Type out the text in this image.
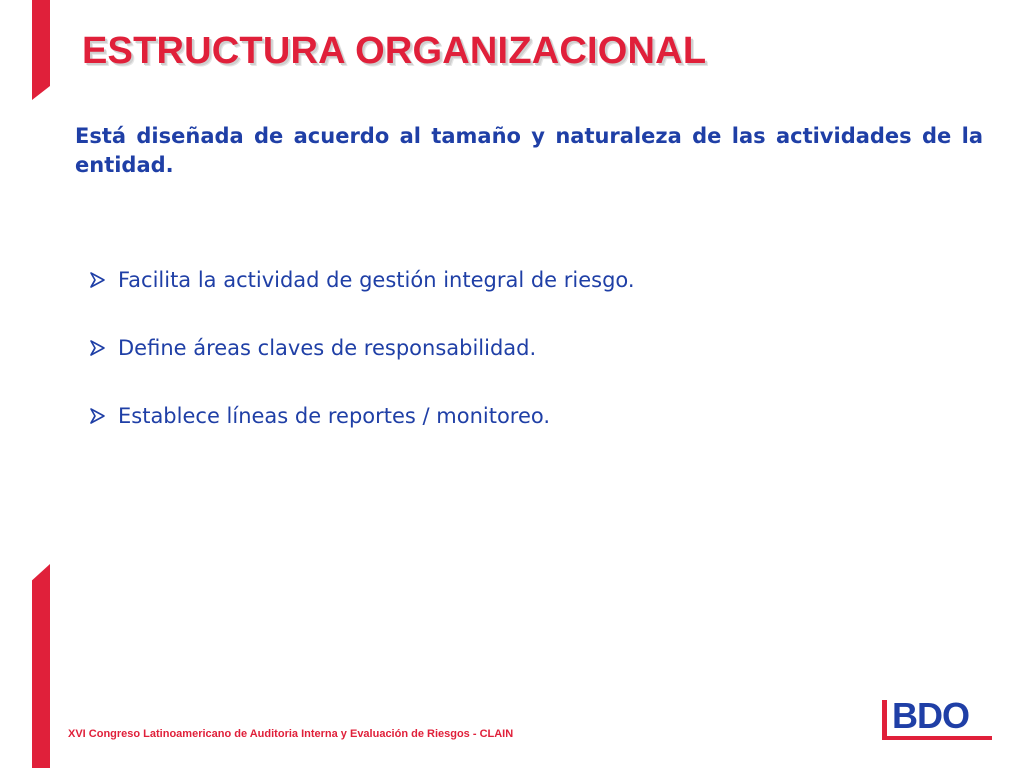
ESTRUCTURA ORGANIZACIONAL

Está diseñada de acuerdo al tamaño y naturaleza de las actividades de la entidad.

Facilita la actividad de gestión integral de riesgo.
Define áreas claves de responsabilidad.
Establece líneas de reportes / monitoreo.

XVI Congreso Latinoamericano de Auditoria Interna y Evaluación de Riesgos - CLAIN	BDO
